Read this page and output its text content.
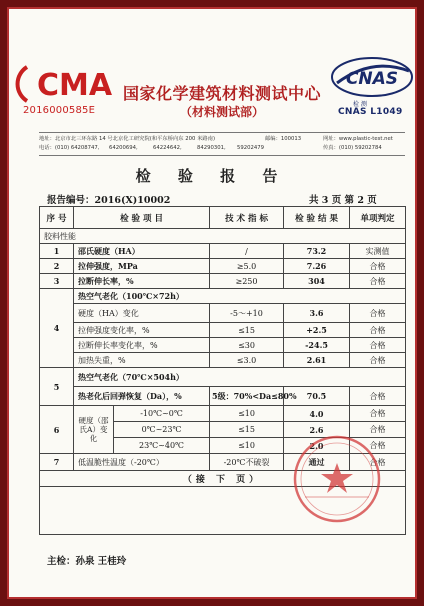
CMA
2016000585E
国家化学建筑材料测试中心
（材料测试部）
CNAS
检 测
CNAS L1049
地址：北京市北三环东路 14 号北京化工研究院(和平东桥向东 200 米路南)	邮编：100013	网址：www.plastic-test.net
电话：(010) 64208747, 64200694,	64224642,	84290301, 59202479	传真：(010) 59202784
检 验 报 告
报告编号：2016(X)10002	共 3 页 第 2 页
序 号	检 验 项 目		技 术 指 标	检 验 结 果	单项判定
胶料性能					
1	邵氏硬度（HA）		/	73.2	实测值
2	拉伸强度，MPa		≥5.0	7.26	合格
3	拉断伸长率，%		≥250	304	合格
4	热空气老化（100℃×72h）				
	硬度（HA）变化		-5～+10	3.6	合格
	拉伸强度变化率，%		≤15	+2.5	合格
	拉断伸长率变化率，%		≤30	-24.5	合格
	加热失重，%		≤3.0	2.61	合格
5	热空气老化（70℃×504h）				
	热老化后回弹恢复（Da），%		5级：70%<Da≤80%	70.5	合格
6	硬度（邵氏A）变化	-10℃~0℃	≤10	4.0	合格
		0℃~23℃	≤15	2.6	合格
		23℃~40℃	≤10	2.0	合格
7	低温脆性温度（-20℃）		-20℃不破裂	通过	合格
（接 下 页）					

主检：孙泉 王桂玲
